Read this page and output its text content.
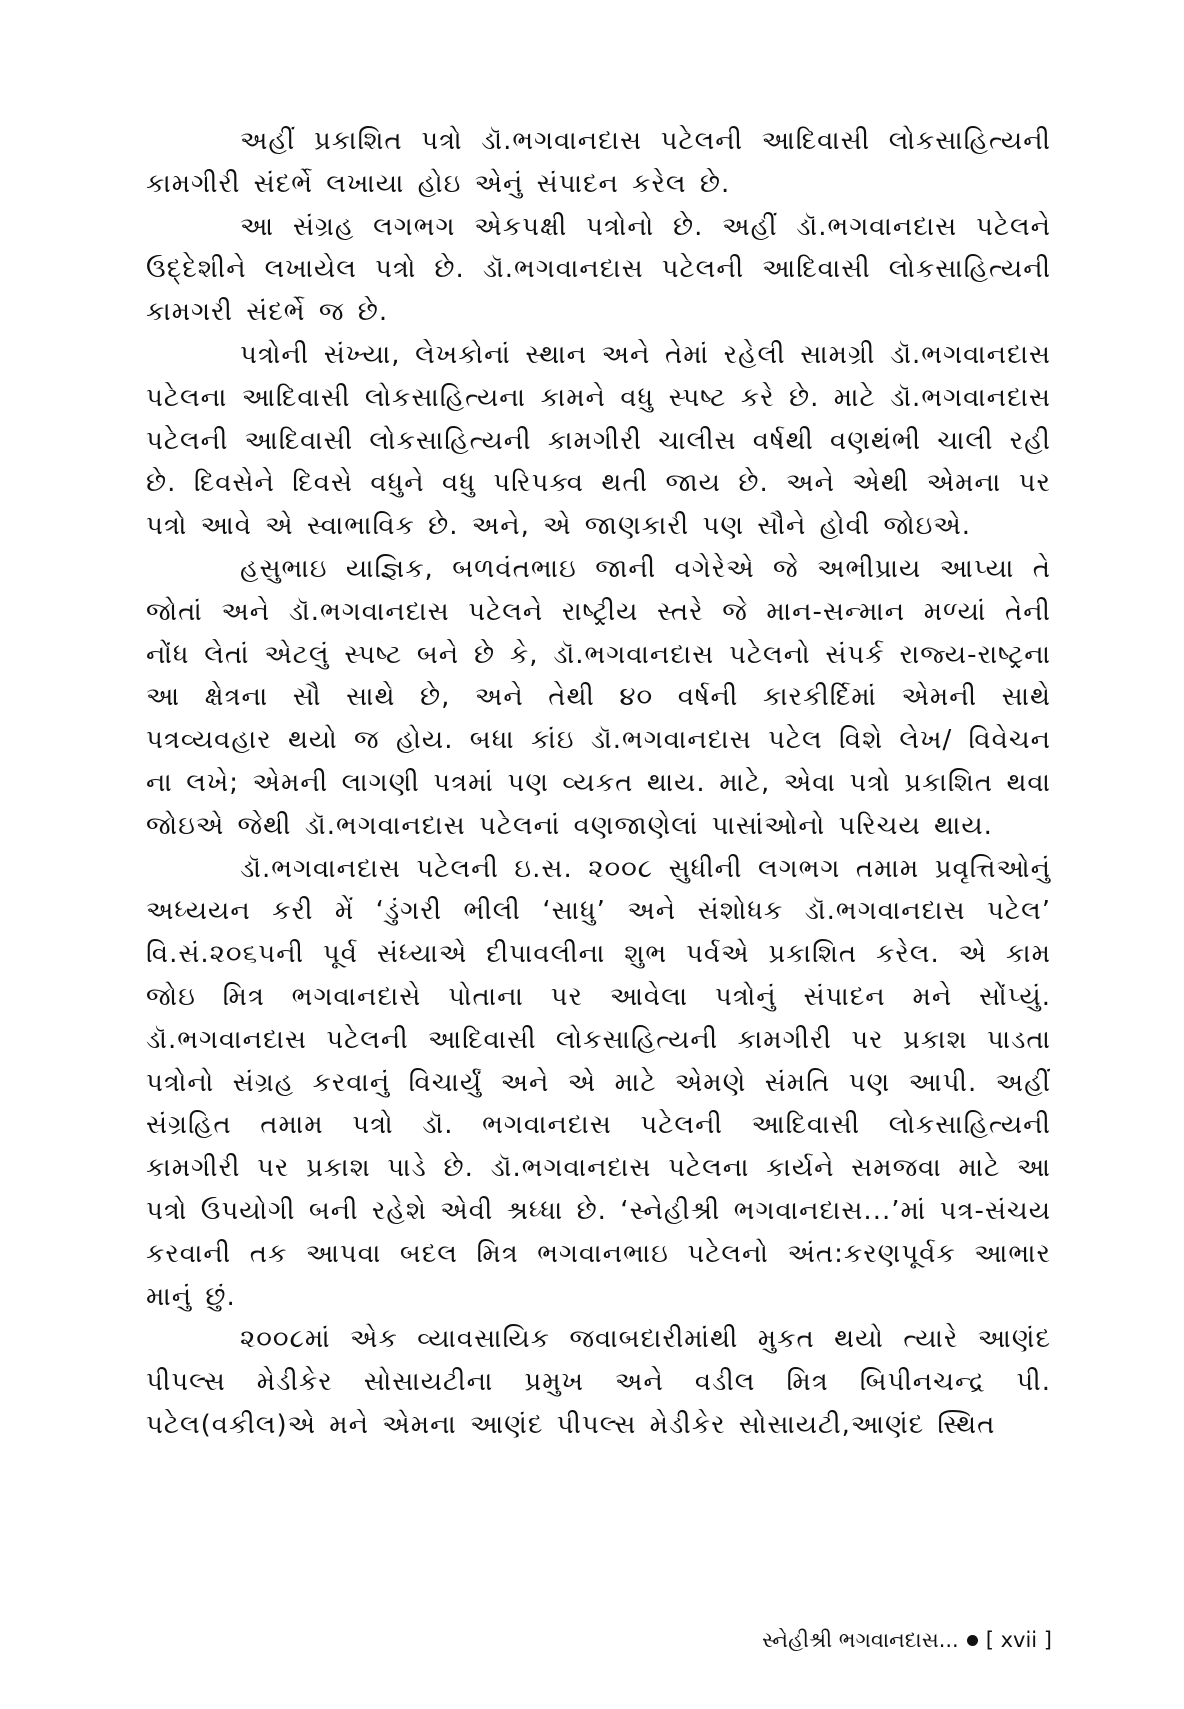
અહીં પ્રકાશિત પત્રો ડૉ.ભગવાનદાસ પટેલની આદિવાસી લોકસાહિત્યની કામગીરી સંદર્ભે લખાયા હોઇ એનું સંપાદન કરેલ છે.

આ સંગ્રહ લગભગ એકપક્ષી પત્રોનો છે. અહીં ડૉ.ભગવાનદાસ પટેલને ઉદ્દેશીને લખાયેલ પત્રો છે. ડૉ.ભગવાનદાસ પટેલની આદિવાસી લોકસાહિત્યની કામગરી સંદર્ભે જ છે.

પત્રોની સંખ્યા, લેખકોનાં સ્થાન અને તેમાં રહેલી સામગ્રી ડૉ.ભગવાનદાસ પટેલના આદિવાસી લોકસાહિત્યના કામને વધુ સ્પષ્ટ કરે છે. માટે ડૉ.ભગવાનદાસ પટેલની આદિવાસી લોકસાહિત્યની કામગીરી ચાલીસ વર્ષથી વણથંભી ચાલી રહી છે. દિવસેને દિવસે વધુને વધુ પરિપક્વ થતી જાય છે. અને એથી એમના પર પત્રો આવે એ સ્વાભાવિક છે. અને, એ જાણકારી પણ સૌને હોવી જોઇએ.

હસુભાઇ યાજ્ઞિક, બળવંતભાઇ જાની વગેરેએ જે અભીપ્રાય આપ્યા તે જોતાં અને ડૉ.ભગવાનદાસ પટેલને રાષ્ટ્રીય સ્તરે જે માન-સન્માન મળ્યાં તેની નોંધ લેતાં એટલું સ્પષ્ટ બને છે કે, ડૉ.ભગવાનદાસ પટેલનો સંપર્ક રાજ્ય-રાષ્ટ્રના આ ક્ષેત્રના સૌ સાથે છે, અને તેથી ૪૦ વર્ષની કારકીર્દિમાં એમની સાથે પત્રવ્યવહાર થયો જ હોય. બધા કાંઇ ડૉ.ભગવાનદાસ પટેલ વિશે લેખ/ વિવેચન ના લખે; એમની લાગણી પત્રમાં પણ વ્યકત થાય. માટે, એવા પત્રો પ્રકાશિત થવા જોઇએ જેથી ડૉ.ભગવાનદાસ પટેલનાં વણજાણેલાં પાસાંઓનો પરિચય થાય.

ડૉ.ભગવાનદાસ પટેલની ઇ.સ. ૨૦૦૮ સુધીની લગભગ તમામ પ્રવૃત્તિઓનું અધ્યયન કરી મેં ‘ડુંગરી ભીલી ‘સાધુ’ અને સંશોધક ડૉ.ભગવાનદાસ પટેલ’ વિ.સં.૨૦૬૫ની પૂર્વ સંધ્યાએ દીપાવલીના શુભ પર્વએ પ્રકાશિત કરેલ. એ કામ જોઇ મિત્ર ભગવાનદાસે પોતાના પર આવેલા પત્રોનું સંપાદન મને સોંપ્યું. ડૉ.ભગવાનદાસ પટેલની આદિવાસી લોકસાહિત્યની કામગીરી પર પ્રકાશ પાડતા પત્રોનો સંગ્રહ કરવાનું વિચાર્યું અને એ માટે એમણે સંમતિ પણ આપી. અહીં સંગ્રહિત તમામ પત્રો ડૉ. ભગવાનદાસ પટેલની આદિવાસી લોકસાહિત્યની કામગીરી પર પ્રકાશ પાડે છે. ડૉ.ભગવાનદાસ પટેલના કાર્યને સમજવા માટે આ પત્રો ઉપયોગી બની રહેશે એવી શ્રધ્ધા છે. ‘સ્નેહીશ્રી ભગવાનદાસ...’માં પત્ર-સંચય કરવાની તક આપવા બદલ મિત્ર ભગવાનભાઇ પટેલનો અંત:કરણપૂર્વક આભાર માનું છું.

૨૦૦૮માં એક વ્યાવસાયિક જવાબદારીમાંથી મુકત થયો ત્યારે આણંદ પીપલ્સ મેડીકેર સોસાયટીના પ્રમુખ અને વડીલ મિત્ર બિપીનચન્દ્ર પી. પટેલ(વકીલ)એ મને એમના આણંદ પીપલ્સ મેડીકેર સોસાયટી,આણંદ સ્થિત

સ્નેહીશ્રી ભગવાનદાસ... [ xvii ]
